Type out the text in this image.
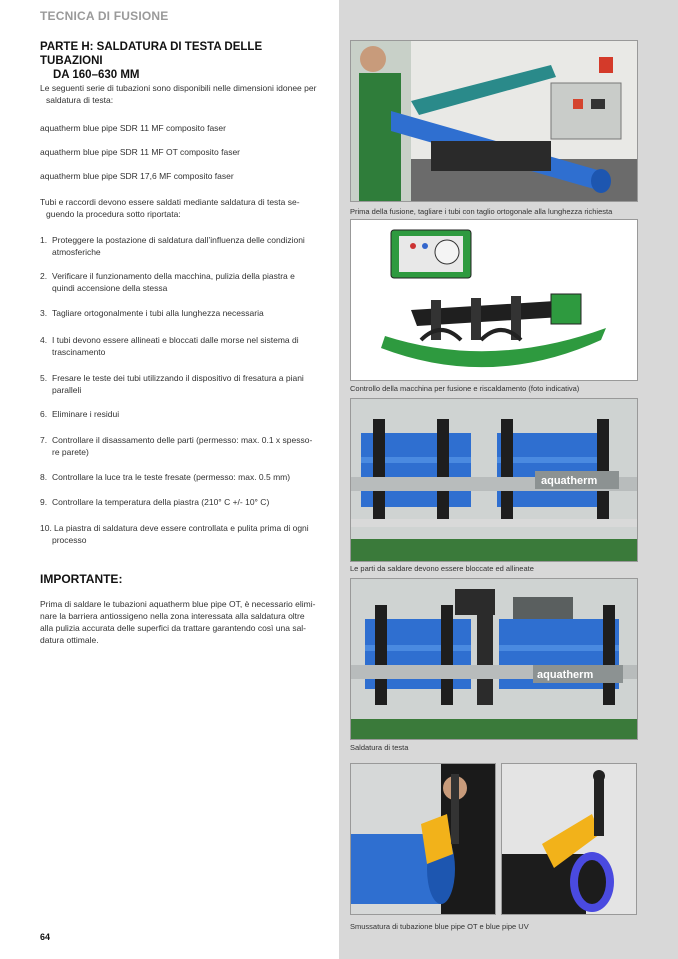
TECNICA DI FUSIONE
PARTE H: SALDATURA DI TESTA DELLE TUBAZIONI
DA 160–630 MM
Le seguenti serie di tubazioni sono disponibili nelle dimensioni idonee per
saldatura di testa:
aquatherm blue pipe SDR 11 MF composito faser
aquatherm blue pipe SDR 11 MF OT composito faser
aquatherm blue pipe SDR 17,6 MF composito faser
Tubi e raccordi devono essere saldati mediante saldatura di testa se-
guendo la procedura sotto riportata:
1. Proteggere la postazione di saldatura dall’influenza delle condizioni
atmosferiche
2. Verificare il funzionamento della macchina, pulizia della piastra e
quindi accensione della stessa
3. Tagliare ortogonalmente i tubi alla lunghezza necessaria
4. I tubi devono essere allineati e bloccati dalle morse nel sistema di
trascinamento
5. Fresare le teste dei tubi utilizzando il dispositivo di fresatura a piani
paralleli
6. Eliminare i residui
7. Controllare il disassamento delle parti (permesso: max. 0.1 x spesso-
re parete)
8. Controllare la luce tra le teste fresate (permesso: max. 0.5 mm)
9. Controllare la temperatura della piastra (210° C +/- 10° C)
10. La piastra di saldatura deve essere controllata e pulita prima di ogni
processo
IMPORTANTE:
Prima di saldare le tubazioni aquatherm blue pipe OT, è necessario elimi-
nare la barriera antiossigeno nella zona interessata alla saldatura oltre
alla pulizia accurata delle superfici da trattare garantendo così una sal-
datura ottimale.
64
Prima della fusione, tagliare i tubi con taglio ortogonale alla lunghezza richiesta
Controllo della macchina per fusione e riscaldamento (foto indicativa)
aquatherm
Le parti da saldare devono essere bloccate ed allineate
aquatherm
Saldatura di testa
Smussatura di tubazione blue pipe OT e blue pipe UV
